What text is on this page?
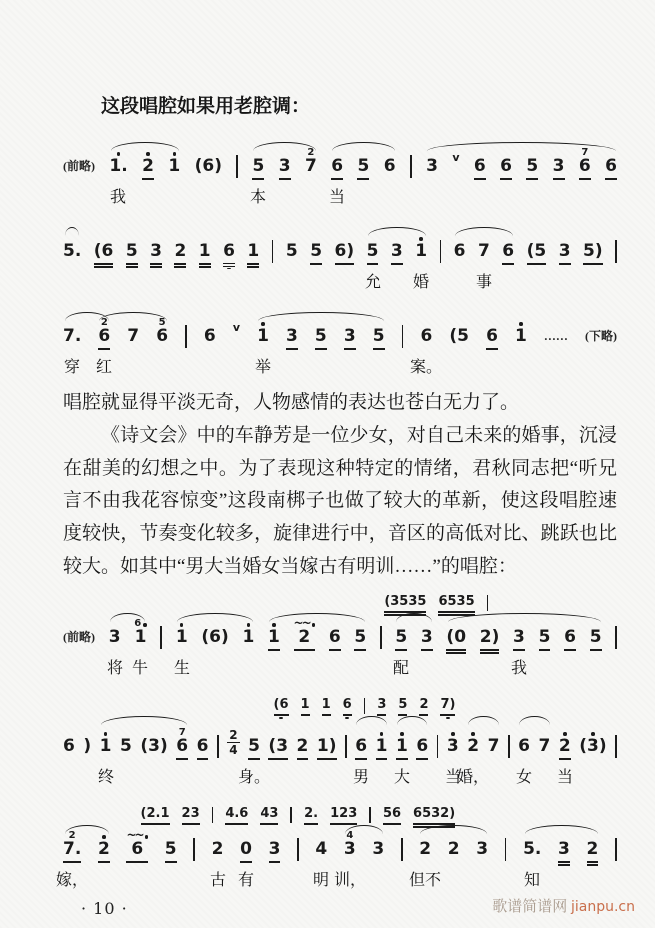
这段唱腔如果用老腔调：

(前略) 1. 2 1 (6) 5 3
2
7 6 5 6 3 v 6 6 5 3
7
6 6
我	本	当
5. (6 5 3 2 1 6 1 5 5 6) 5 3 1 6 7 6 (5 3 5)
允 婚	事
7.
2
6 7
5
6 6 v 1 3 5 3 5 6 (5 6 1 …… (下略)
穿 红	举	案。

唱腔就显得平淡无奇，人物感情的表达也苍白无力了。

《诗文会》中的车静芳是一位少女，对自己未来的婚事，沉浸在甜美的幻想之中。为了表现这种特定的情绪，君秋同志把“听兄言不由我花容惊变”这段南梆子也做了较大的革新，使这段唱腔速度较快，节奏变化较多，旋律进行中，音区的高低对比、跳跃也比较大。如其中“男大当婚女当嫁古有明训……”的唱腔：

(前略) 3
6
1 1 (6) 1 1
~~
2 6 5 5 3 (0 2) 3 5 6 5
将 牛 生	配	我
(3535 6535
6 ) 1 5 (3)
7
6 6
2
4 5 (3 2 1) 6 1 1 6 3 2 7 6 7 2 (3)
终	身。	男 大 当
婚， 女 当
(6 1 1 6 3 5 2 7)
2
7. 2
~~
6 5 2 0 3 4
4
3 3 2 2 3 5. 3 2
嫁，	古 有	明 训，	但不	知
(2.1 23 4.6 43 2. 123 56 6532)
· 10 ·	歌谱简谱网 jianpu.cn
